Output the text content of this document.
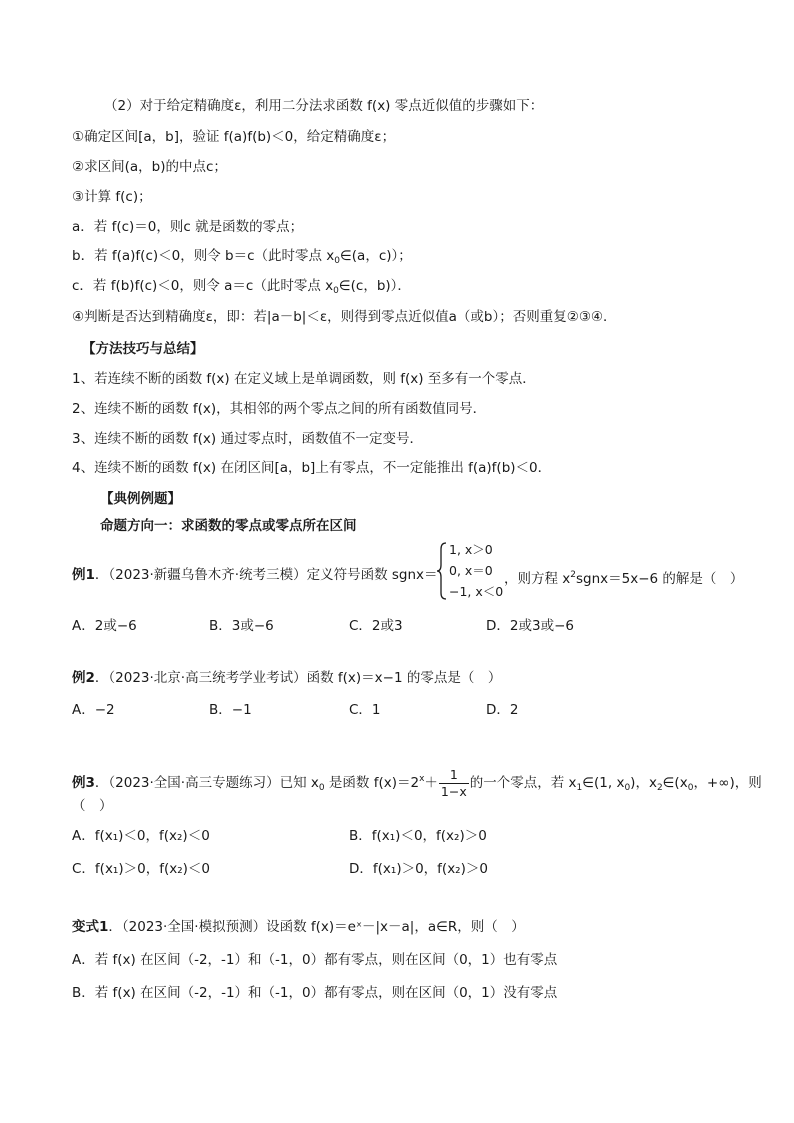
（2）对于给定精确度ε，利用二分法求函数 f(x) 零点近似值的步骤如下：
①确定区间[a，b]，验证 f(a)f(b)＜0，给定精确度ε；
②求区间(a，b)的中点c；
③计算 f(c)；
a．若 f(c)＝0，则c 就是函数的零点；
b．若 f(a)f(c)＜0，则令 b＝c（此时零点 $x_0\in(a$，c)）；
c．若 f(b)f(c)＜0，则令 a＝c（此时零点 $x_0\in(c$，b)）．
④判断是否达到精确度ε，即：若|a－b|＜ε，则得到零点近似值a（或b）；否则重复②③④．
【方法技巧与总结】
1、若连续不断的函数 f(x) 在定义域上是单调函数，则 f(x) 至多有一个零点．
2、连续不断的函数 f(x)，其相邻的两个零点之间的所有函数值同号．
3、连续不断的函数 f(x) 通过零点时，函数值不一定变号．
4、连续不断的函数 f(x) 在闭区间[a，b]上有零点，不一定能推出 f(a)f(b)＜0．
【典例例题】
命题方向一：求函数的零点或零点所在区间
例1．（2023·新疆乌鲁木齐·统考三模）定义符号函数 sgnx＝
1, x＞0
0, x＝0
−1, x＜0
，则方程 $x^2sgnx=5x-6$ 的解是（　）
A．2或−6	B．3或−6	C．2或3	D．2或3或−6
例2．（2023·北京·高三统考学业考试）函数 f(x)＝x−1 的零点是（　）
A．−2	B．−1	C．1	D．2
例3．（2023·全国·高三专题练习）已知 $x_0$ 是函数 $f(x)=2^x+ \frac{1}{1-x}$ 的一个零点，若 $x_1\in(1$, $x_0$)，$x_2\in(x_0$，+∞)，则
（　）
A．f(x₁)＜0，f(x₂)＜0	B．f(x₁)＜0，f(x₂)＞0
C．f(x₁)＞0，f(x₂)＜0	D．f(x₁)＞0，f(x₂)＞0
变式1．（2023·全国·模拟预测）设函数 f(x)＝eˣ－|x－a|，a∈R，则（　）
A．若 f(x) 在区间（-2，-1）和（-1，0）都有零点，则在区间（0，1）也有零点
B．若 f(x) 在区间（-2，-1）和（-1，0）都有零点，则在区间（0，1）没有零点
